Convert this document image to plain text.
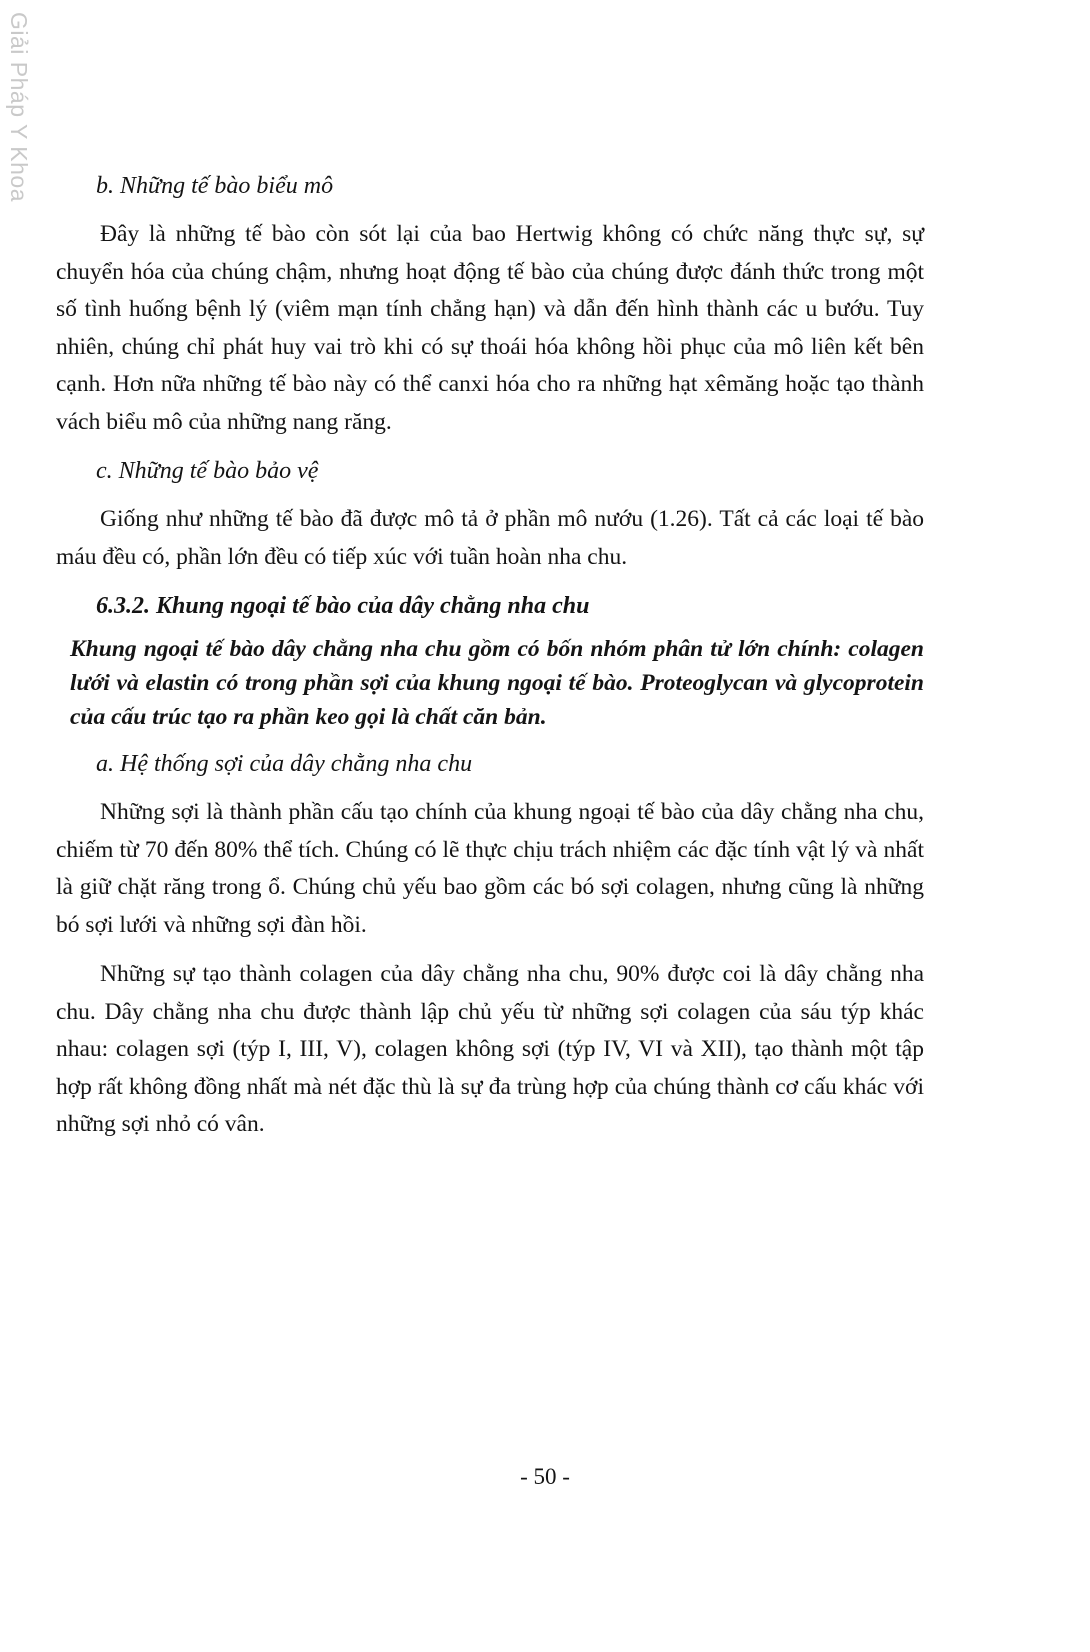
Giải Pháp Y Khoa	b. Những tế bào biểu mô

Đây là những tế bào còn sót lại của bao Hertwig không có chức năng thực sự, sự chuyển hóa của chúng chậm, nhưng hoạt động tế bào của chúng được đánh thức trong một số tình huống bệnh lý (viêm mạn tính chẳng hạn) và dẫn đến hình thành các u bướu. Tuy nhiên, chúng chỉ phát huy vai trò khi có sự thoái hóa không hồi phục của mô liên kết bên cạnh. Hơn nữa những tế bào này có thể canxi hóa cho ra những hạt xêmăng hoặc tạo thành vách biểu mô của những nang răng.

c. Những tế bào bảo vệ

Giống như những tế bào đã được mô tả ở phần mô nướu (1.26). Tất cả các loại tế bào máu đều có, phần lớn đều có tiếp xúc với tuần hoàn nha chu.

6.3.2. Khung ngoại tế bào của dây chằng nha chu

Khung ngoại tế bào dây chằng nha chu gồm có bốn nhóm phân tử lớn chính: colagen lưới và elastin có trong phần sợi của khung ngoại tế bào. Proteoglycan và glycoprotein của cấu trúc tạo ra phần keo gọi là chất căn bản.

a. Hệ thống sợi của dây chằng nha chu

Những sợi là thành phần cấu tạo chính của khung ngoại tế bào của dây chằng nha chu, chiếm từ 70 đến 80% thể tích. Chúng có lẽ thực chịu trách nhiệm các đặc tính vật lý và nhất là giữ chặt răng trong ổ. Chúng chủ yếu bao gồm các bó sợi colagen, nhưng cũng là những bó sợi lưới và những sợi đàn hồi.

Những sự tạo thành colagen của dây chằng nha chu, 90% được coi là dây chằng nha chu. Dây chằng nha chu được thành lập chủ yếu từ những sợi colagen của sáu týp khác nhau: colagen sợi (týp I, III, V), colagen không sợi (týp IV, VI và XII), tạo thành một tập hợp rất không đồng nhất mà nét đặc thù là sự đa trùng hợp của chúng thành cơ cấu khác với những sợi nhỏ có vân.

- 50 -
